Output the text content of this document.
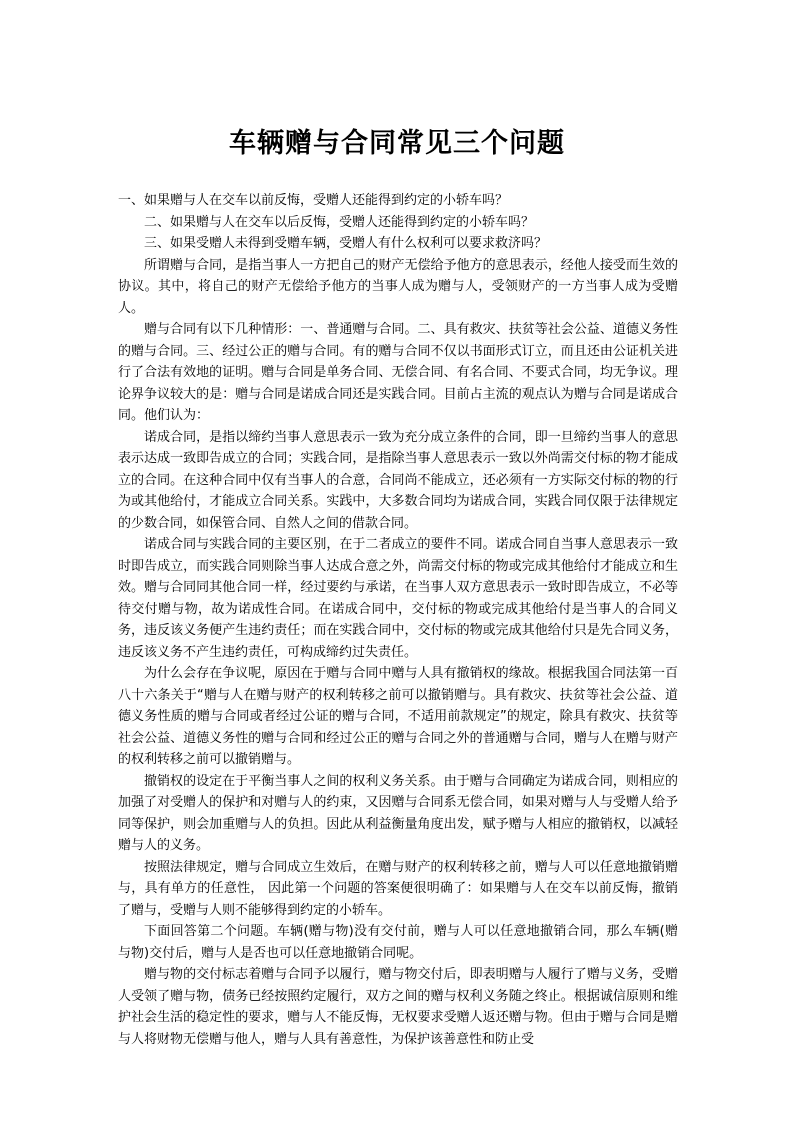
车辆赠与合同常见三个问题

一、如果赠与人在交车以前反悔，受赠人还能得到约定的小轿车吗？

二、如果赠与人在交车以后反悔，受赠人还能得到约定的小轿车吗？

三、如果受赠人未得到受赠车辆，受赠人有什么权利可以要求救济吗？

所谓赠与合同，是指当事人一方把自己的财产无偿给予他方的意思表示，经他人接受而生效的协议。其中，将自己的财产无偿给予他方的当事人成为赠与人，受领财产的一方当事人成为受赠人。

赠与合同有以下几种情形：一、普通赠与合同。二、具有救灾、扶贫等社会公益、道德义务性的赠与合同。三、经过公正的赠与合同。有的赠与合同不仅以书面形式订立，而且还由公证机关进行了合法有效地的证明。赠与合同是单务合同、无偿合同、有名合同、不要式合同，均无争议。理论界争议较大的是：赠与合同是诺成合同还是实践合同。目前占主流的观点认为赠与合同是诺成合同。他们认为：

诺成合同，是指以缔约当事人意思表示一致为充分成立条件的合同，即一旦缔约当事人的意思表示达成一致即告成立的合同；实践合同，是指除当事人意思表示一致以外尚需交付标的物才能成立的合同。在这种合同中仅有当事人的合意，合同尚不能成立，还必须有一方实际交付标的物的行为或其他给付，才能成立合同关系。实践中，大多数合同均为诺成合同，实践合同仅限于法律规定的少数合同，如保管合同、自然人之间的借款合同。

诺成合同与实践合同的主要区别，在于二者成立的要件不同。诺成合同自当事人意思表示一致时即告成立，而实践合同则除当事人达成合意之外，尚需交付标的物或完成其他给付才能成立和生效。赠与合同同其他合同一样，经过要约与承诺，在当事人双方意思表示一致时即告成立，不必等待交付赠与物，故为诺成性合同。在诺成合同中，交付标的物或完成其他给付是当事人的合同义务，违反该义务便产生违约责任；而在实践合同中，交付标的物或完成其他给付只是先合同义务，违反该义务不产生违约责任，可构成缔约过失责任。

为什么会存在争议呢，原因在于赠与合同中赠与人具有撤销权的缘故。根据我国合同法第一百八十六条关于“赠与人在赠与财产的权利转移之前可以撤销赠与。具有救灾、扶贫等社会公益、道德义务性质的赠与合同或者经过公证的赠与合同，不适用前款规定”的规定，除具有救灾、扶贫等社会公益、道德义务性的赠与合同和经过公正的赠与合同之外的普通赠与合同，赠与人在赠与财产的权利转移之前可以撤销赠与。

撤销权的设定在于平衡当事人之间的权利义务关系。由于赠与合同确定为诺成合同，则相应的加强了对受赠人的保护和对赠与人的约束，又因赠与合同系无偿合同，如果对赠与人与受赠人给予同等保护，则会加重赠与人的负担。因此从利益衡量角度出发，赋予赠与人相应的撤销权，以减轻赠与人的义务。

按照法律规定，赠与合同成立生效后，在赠与财产的权利转移之前，赠与人可以任意地撤销赠与，具有单方的任意性， 因此第一个问题的答案便很明确了：如果赠与人在交车以前反悔，撤销了赠与，受赠与人则不能够得到约定的小轿车。

下面回答第二个问题。车辆(赠与物)没有交付前，赠与人可以任意地撤销合同，那么车辆(赠与物)交付后，赠与人是否也可以任意地撤销合同呢。

赠与物的交付标志着赠与合同予以履行，赠与物交付后，即表明赠与人履行了赠与义务，受赠人受领了赠与物，债务已经按照约定履行，双方之间的赠与权利义务随之终止。根据诚信原则和维护社会生活的稳定性的要求，赠与人不能反悔，无权要求受赠人返还赠与物。但由于赠与合同是赠与人将财物无偿赠与他人，赠与人具有善意性，为保护该善意性和防止受
